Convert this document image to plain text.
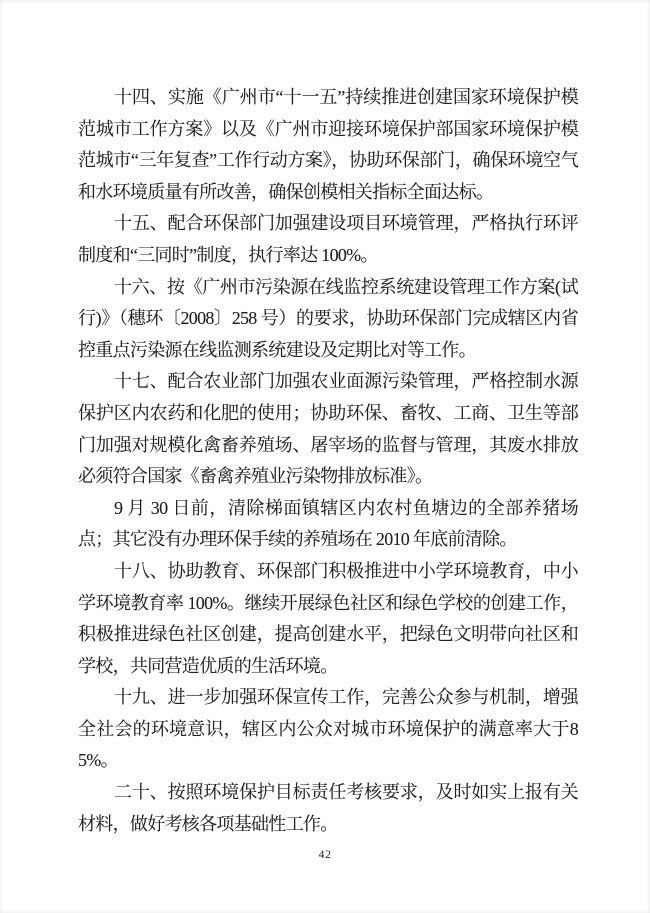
十四、实施《广州市“十一五”持续推进创建国家环境保护模范城市工作方案》以及《广州市迎接环境保护部国家环境保护模范城市“三年复查”工作行动方案》，协助环保部门，确保环境空气和水环境质量有所改善，确保创模相关指标全面达标。

十五、配合环保部门加强建设项目环境管理，严格执行环评制度和“三同时”制度，执行率达 100%。

十六、按《广州市污染源在线监控系统建设管理工作方案(试行)》（穗环〔2008〕258 号）的要求，协助环保部门完成辖区内省控重点污染源在线监测系统建设及定期比对等工作。

十七、配合农业部门加强农业面源污染管理，严格控制水源保护区内农药和化肥的使用；协助环保、畜牧、工商、卫生等部门加强对规模化禽畜养殖场、屠宰场的监督与管理，其废水排放必须符合国家《畜禽养殖业污染物排放标准》。

9 月 30 日前，清除梯面镇辖区内农村鱼塘边的全部养猪场点；其它没有办理环保手续的养殖场在 2010 年底前清除。

十八、协助教育、环保部门积极推进中小学环境教育，中小学环境教育率 100%。继续开展绿色社区和绿色学校的创建工作，积极推进绿色社区创建，提高创建水平，把绿色文明带向社区和学校，共同营造优质的生活环境。

十九、进一步加强环保宣传工作，完善公众参与机制，增强全社会的环境意识，辖区内公众对城市环境保护的满意率大于85%。

二十、按照环境保护目标责任考核要求，及时如实上报有关材料，做好考核各项基础性工作。

42
